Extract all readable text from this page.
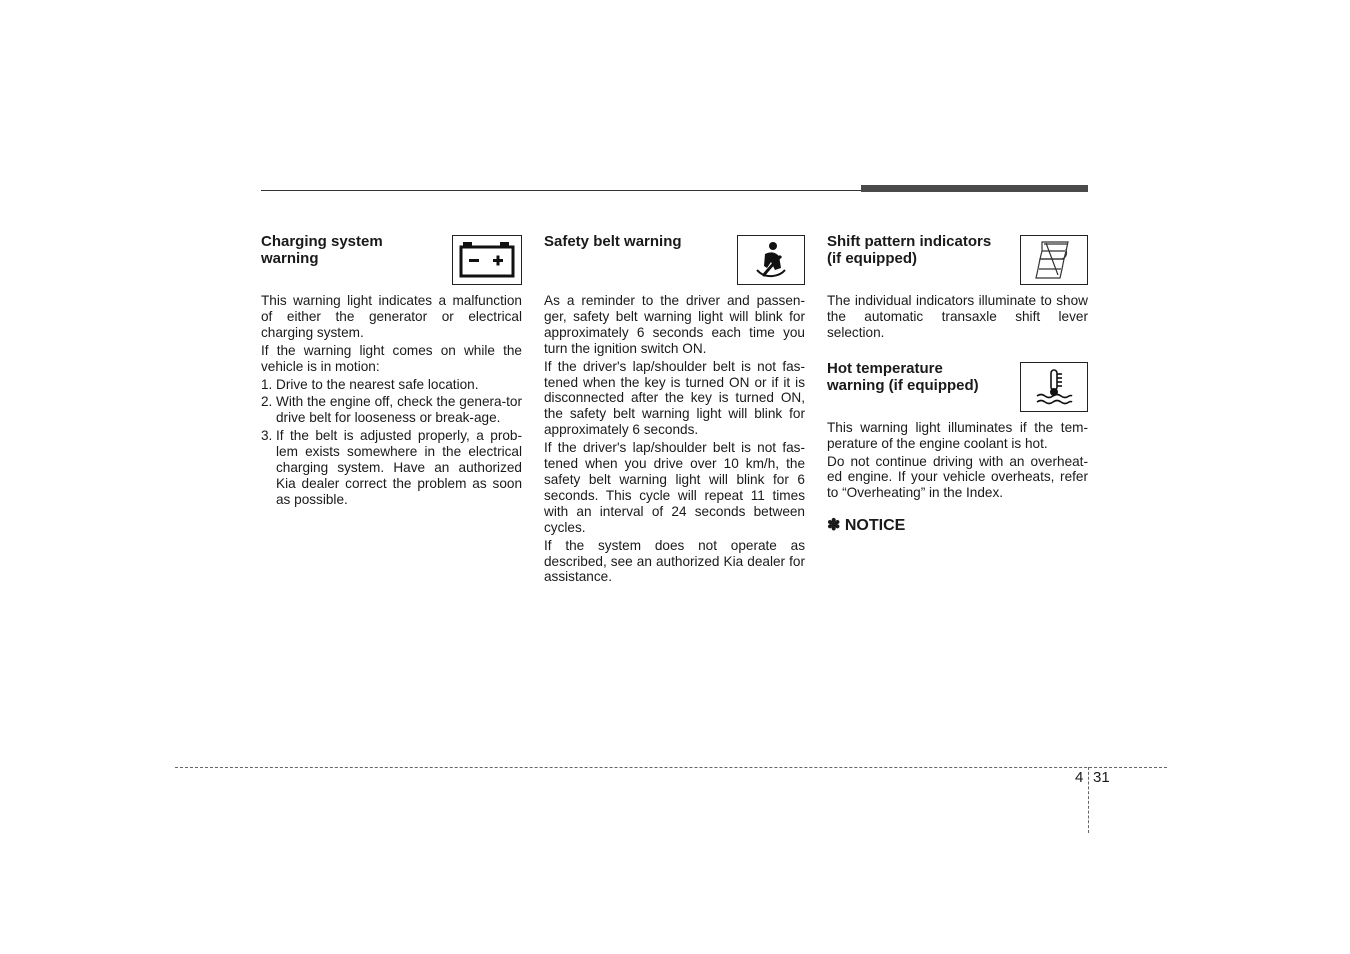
Charging system
warning

This warning light indicates a malfunction of either the generator or electrical charging system.

If the warning light comes on while the vehicle is in motion:

1. Drive to the nearest safe location.
2. With the engine off, check the genera-tor drive belt for looseness or break-age.
3. If the belt is adjusted properly, a prob-lem exists somewhere in the electrical charging system. Have an authorized Kia dealer correct the problem as soon as possible.
Safety belt warning

As a reminder to the driver and passen-ger, safety belt warning light will blink for approximately 6 seconds each time you turn the ignition switch ON.

If the driver's lap/shoulder belt is not fas-tened when the key is turned ON or if it is disconnected after the key is turned ON, the safety belt warning light will blink for approximately 6 seconds.

If the driver's lap/shoulder belt is not fas-tened when you drive over 10 km/h, the safety belt warning light will blink for 6 seconds. This cycle will repeat 11 times with an interval of 24 seconds between cycles.

If the system does not operate as described, see an authorized Kia dealer for assistance.

Shift pattern indicators
(if equipped)

The individual indicators illuminate to show the automatic transaxle shift lever selection.

Hot temperature
warning (if equipped)

This warning light illuminates if the tem-perature of the engine coolant is hot.

Do not continue driving with an overheat-ed engine. If your vehicle overheats, refer to “Overheating” in the Index.

✽ NOTICE
4 31
